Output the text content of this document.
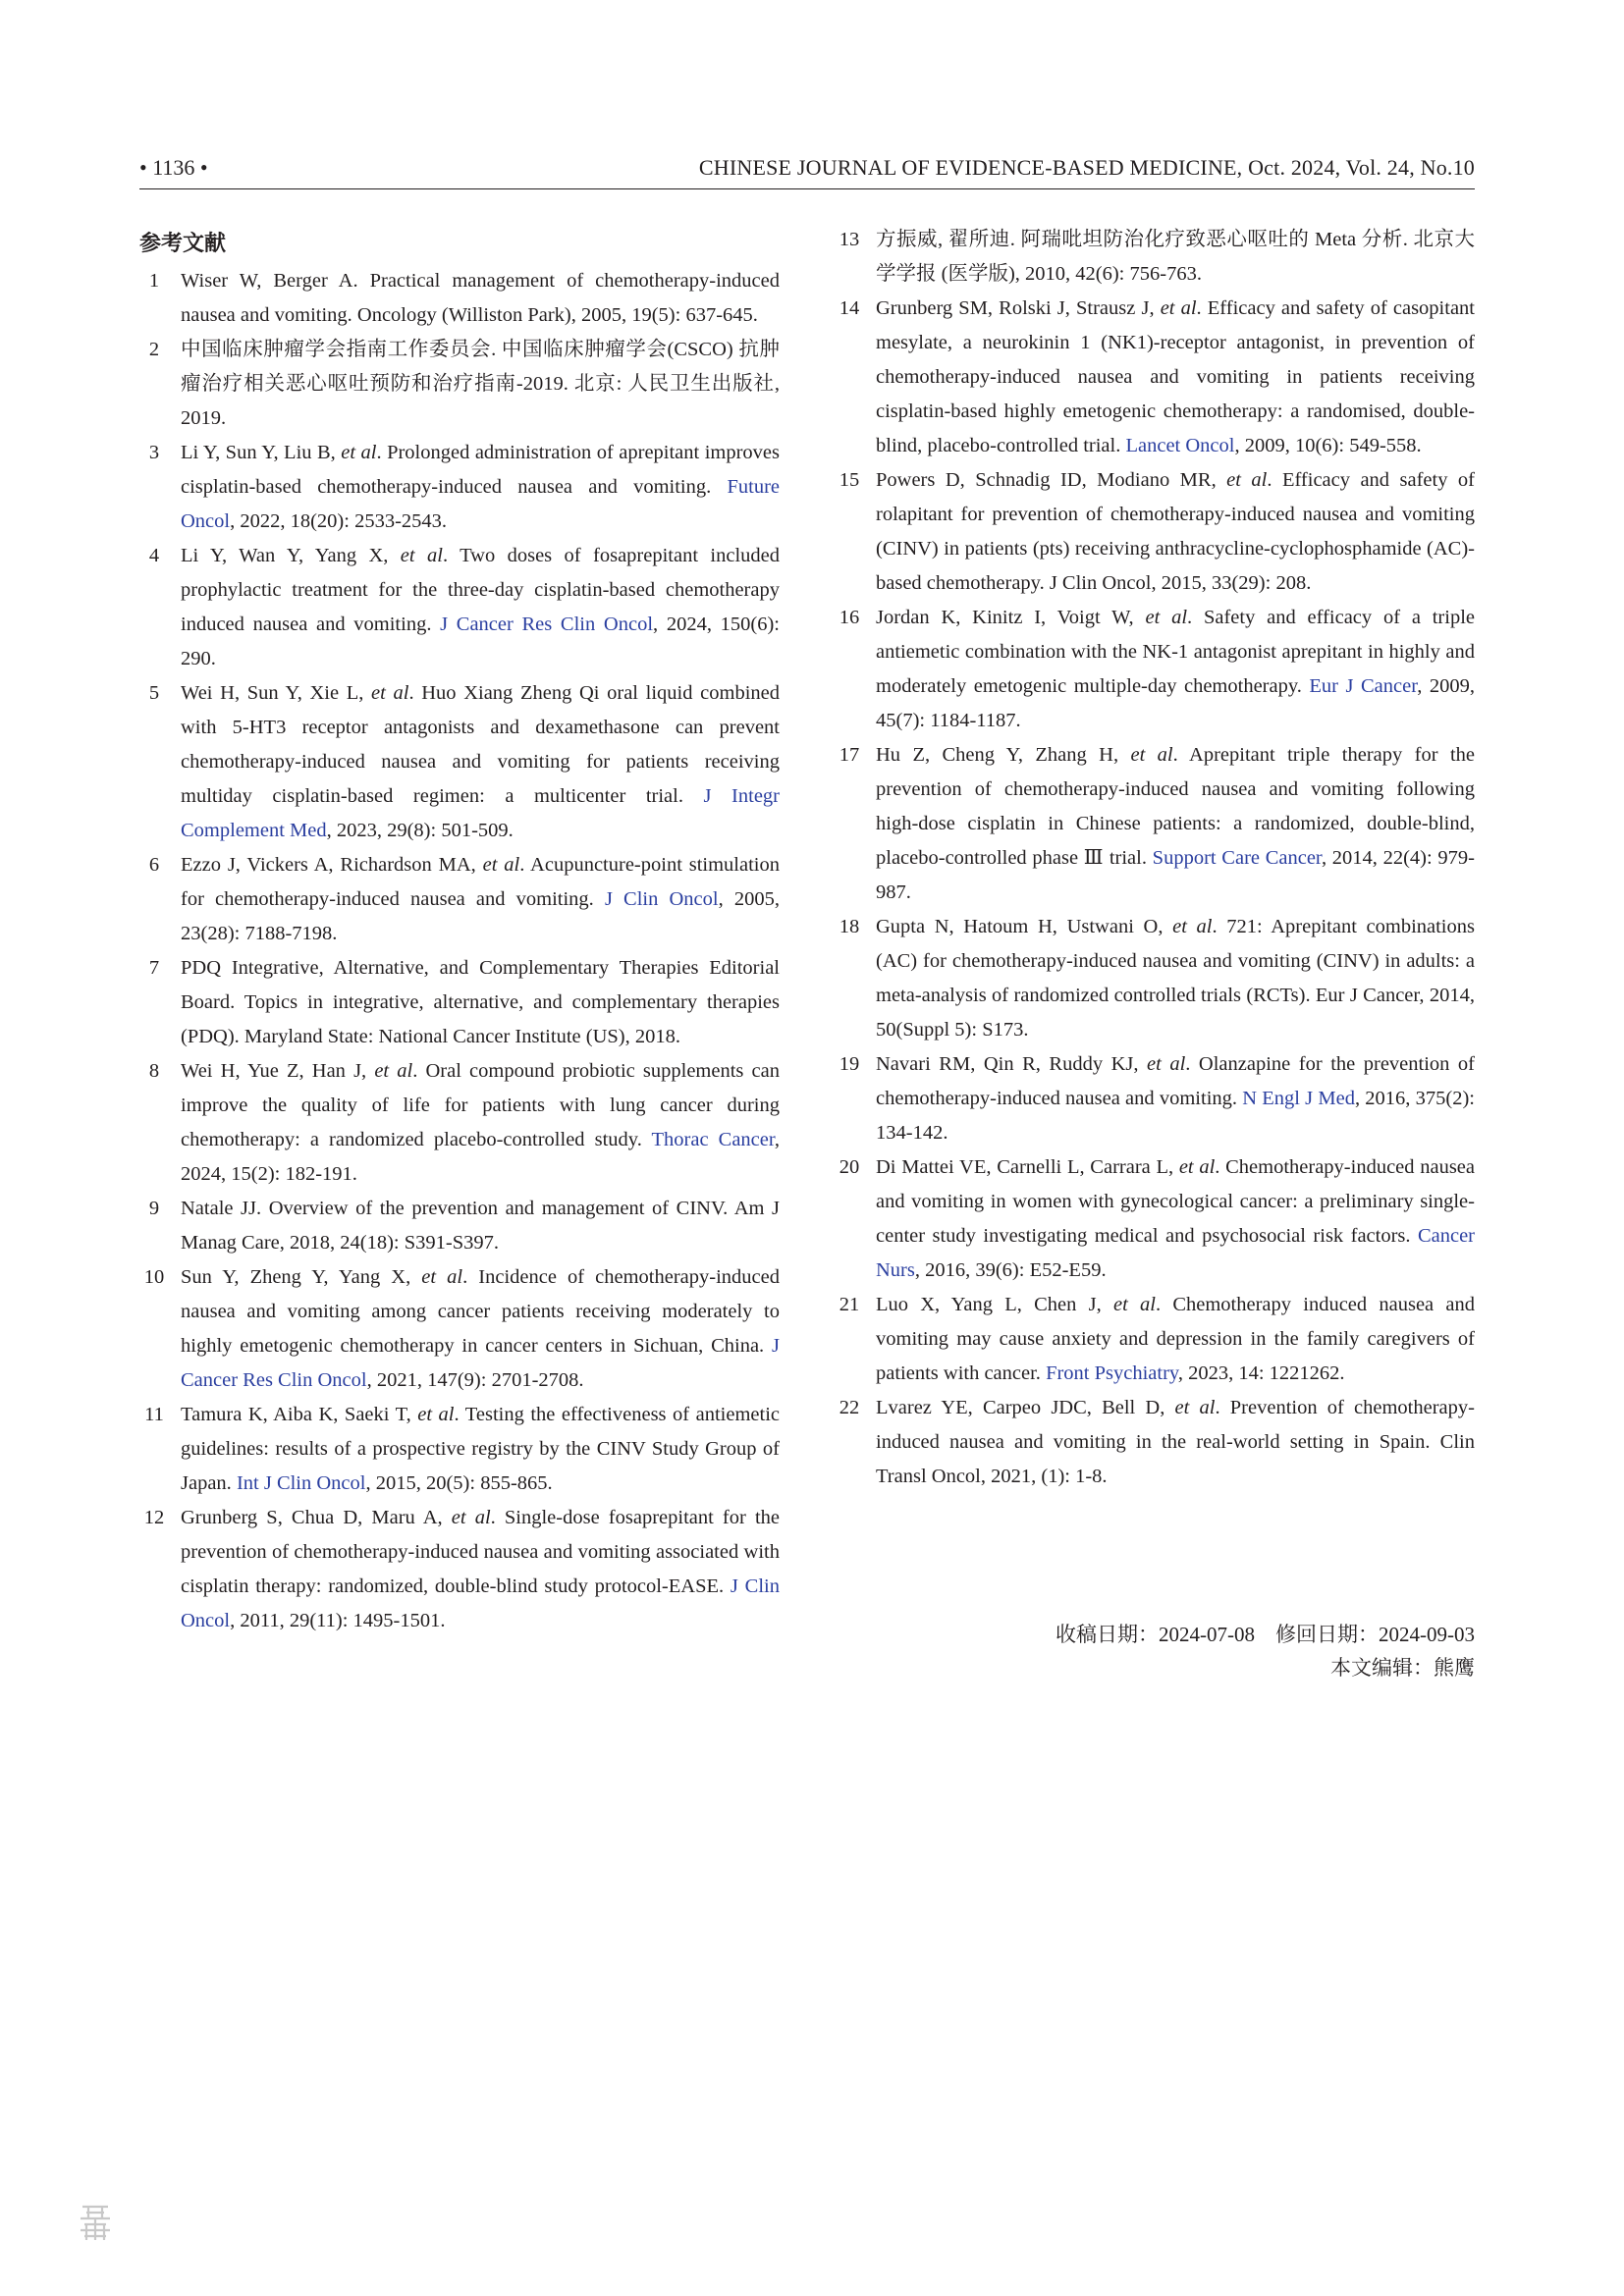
• 1136 •	CHINESE JOURNAL OF EVIDENCE-BASED MEDICINE, Oct. 2024, Vol. 24, No.10
参考文献
1	Wiser W, Berger A. Practical management of chemotherapy-induced nausea and vomiting. Oncology (Williston Park), 2005, 19(5): 637-645.
2	中国临床肿瘤学会指南工作委员会. 中国临床肿瘤学会(CSCO) 抗肿瘤治疗相关恶心呕吐预防和治疗指南-2019. 北京: 人民卫生出版社, 2019.
3	Li Y, Sun Y, Liu B, et al. Prolonged administration of aprepitant improves cisplatin-based chemotherapy-induced nausea and vomiting. Future Oncol, 2022, 18(20): 2533-2543.
4	Li Y, Wan Y, Yang X, et al. Two doses of fosaprepitant included prophylactic treatment for the three-day cisplatin-based chemotherapy induced nausea and vomiting. J Cancer Res Clin Oncol, 2024, 150(6): 290.
5	Wei H, Sun Y, Xie L, et al. Huo Xiang Zheng Qi oral liquid combined with 5-HT3 receptor antagonists and dexamethasone can prevent chemotherapy-induced nausea and vomiting for patients receiving multiday cisplatin-based regimen: a multicenter trial. J Integr Complement Med, 2023, 29(8): 501-509.
6	Ezzo J, Vickers A, Richardson MA, et al. Acupuncture-point stimulation for chemotherapy-induced nausea and vomiting. J Clin Oncol, 2005, 23(28): 7188-7198.
7	PDQ Integrative, Alternative, and Complementary Therapies Editorial Board. Topics in integrative, alternative, and complementary therapies (PDQ). Maryland State: National Cancer Institute (US), 2018.
8	Wei H, Yue Z, Han J, et al. Oral compound probiotic supplements can improve the quality of life for patients with lung cancer during chemotherapy: a randomized placebo-controlled study. Thorac Cancer, 2024, 15(2): 182-191.
9	Natale JJ. Overview of the prevention and management of CINV. Am J Manag Care, 2018, 24(18): S391-S397.
10 Sun Y, Zheng Y, Yang X, et al. Incidence of chemotherapy-induced nausea and vomiting among cancer patients receiving moderately to highly emetogenic chemotherapy in cancer centers in Sichuan, China. J Cancer Res Clin Oncol, 2021, 147(9): 2701-2708.
11 Tamura K, Aiba K, Saeki T, et al. Testing the effectiveness of antiemetic guidelines: results of a prospective registry by the CINV Study Group of Japan. Int J Clin Oncol, 2015, 20(5): 855-865.
12 Grunberg S, Chua D, Maru A, et al. Single-dose fosaprepitant for the prevention of chemotherapy-induced nausea and vomiting associated with cisplatin therapy: randomized, double-blind study protocol-EASE. J Clin Oncol, 2011, 29(11): 1495-1501.
13 方振威, 翟所迪. 阿瑞吡坦防治化疗致恶心呕吐的 Meta 分析. 北京大学学报 (医学版), 2010, 42(6): 756-763.
14 Grunberg SM, Rolski J, Strausz J, et al. Efficacy and safety of casopitant mesylate, a neurokinin 1 (NK1)-receptor antagonist, in prevention of chemotherapy-induced nausea and vomiting in patients receiving cisplatin-based highly emetogenic chemotherapy: a randomised, double-blind, placebo-controlled trial. Lancet Oncol, 2009, 10(6): 549-558.
15 Powers D, Schnadig ID, Modiano MR, et al. Efficacy and safety of rolapitant for prevention of chemotherapy-induced nausea and vomiting (CINV) in patients (pts) receiving anthracycline-cyclophosphamide (AC)-based chemotherapy. J Clin Oncol, 2015, 33(29): 208.
16 Jordan K, Kinitz I, Voigt W, et al. Safety and efficacy of a triple antiemetic combination with the NK-1 antagonist aprepitant in highly and moderately emetogenic multiple-day chemotherapy. Eur J Cancer, 2009, 45(7): 1184-1187.
17 Hu Z, Cheng Y, Zhang H, et al. Aprepitant triple therapy for the prevention of chemotherapy-induced nausea and vomiting following high-dose cisplatin in Chinese patients: a randomized, double-blind, placebo-controlled phase Ⅲ trial. Support Care Cancer, 2014, 22(4): 979-987.
18 Gupta N, Hatoum H, Ustwani O, et al. 721: Aprepitant combinations (AC) for chemotherapy-induced nausea and vomiting (CINV) in adults: a meta-analysis of randomized controlled trials (RCTs). Eur J Cancer, 2014, 50(Suppl 5): S173.
19 Navari RM, Qin R, Ruddy KJ, et al. Olanzapine for the prevention of chemotherapy-induced nausea and vomiting. N Engl J Med, 2016, 375(2): 134-142.
20 Di Mattei VE, Carnelli L, Carrara L, et al. Chemotherapy-induced nausea and vomiting in women with gynecological cancer: a preliminary single-center study investigating medical and psychosocial risk factors. Cancer Nurs, 2016, 39(6): E52-E59.
21 Luo X, Yang L, Chen J, et al. Chemotherapy induced nausea and vomiting may cause anxiety and depression in the family caregivers of patients with cancer. Front Psychiatry, 2023, 14: 1221262.
22 Lvarez YE, Carpeo JDC, Bell D, et al. Prevention of chemotherapy-induced nausea and vomiting in the real-world setting in Spain. Clin Transl Oncol, 2021, (1): 1-8.
收稿日期：2024-07-08　修回日期：2024-09-03
本文编辑：熊鹰
